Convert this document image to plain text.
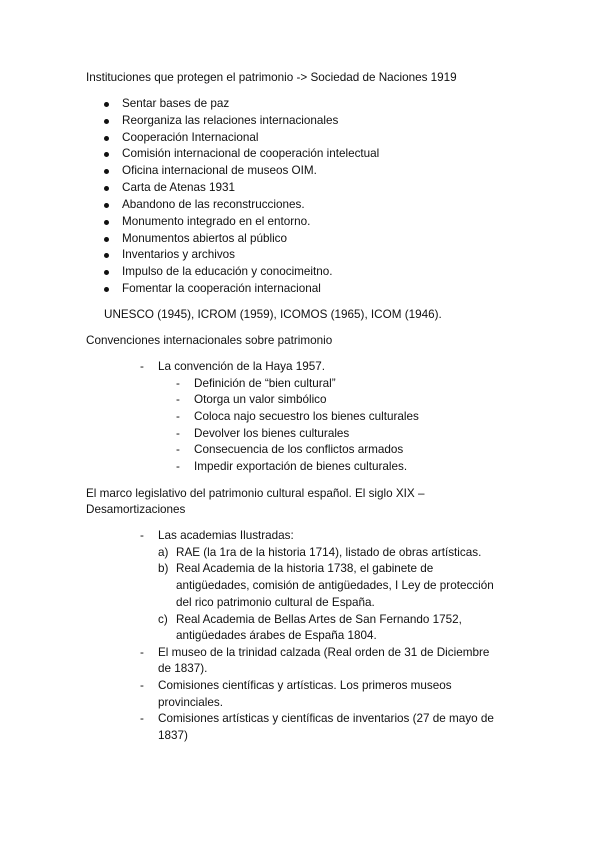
Instituciones que protegen el patrimonio -> Sociedad de Naciones 1919
Sentar bases de paz
Reorganiza las relaciones internacionales
Cooperación Internacional
Comisión internacional de cooperación intelectual
Oficina internacional de museos OIM.
Carta de Atenas 1931
Abandono de las reconstrucciones.
Monumento integrado en el entorno.
Monumentos abiertos al público
Inventarios y archivos
Impulso de la educación y conocimeitno.
Fomentar la cooperación internacional
UNESCO (1945), ICROM (1959), ICOMOS (1965), ICOM (1946).
Convenciones internacionales sobre patrimonio
- La convención de la Haya 1957.
- Definición de “bien cultural”
- Otorga un valor simbólico
- Coloca najo secuestro los bienes culturales
- Devolver los bienes culturales
- Consecuencia de los conflictos armados
- Impedir exportación de bienes culturales.
El marco legislativo del patrimonio cultural español. El siglo XIX –
Desamortizaciones
- Las academias Ilustradas:
a) RAE (la 1ra de la historia 1714), listado de obras artísticas.
b) Real Academia de la historia 1738, el gabinete de
antigüedades, comisión de antigüedades, I Ley de protección
del rico patrimonio cultural de España.
c) Real Academia de Bellas Artes de San Fernando 1752,
antigüedades árabes de España 1804.
- El museo de la trinidad calzada (Real orden de 31 de Diciembre
de 1837).
- Comisiones científicas y artísticas. Los primeros museos
provinciales.
- Comisiones artísticas y científicas de inventarios (27 de mayo de
1837)
